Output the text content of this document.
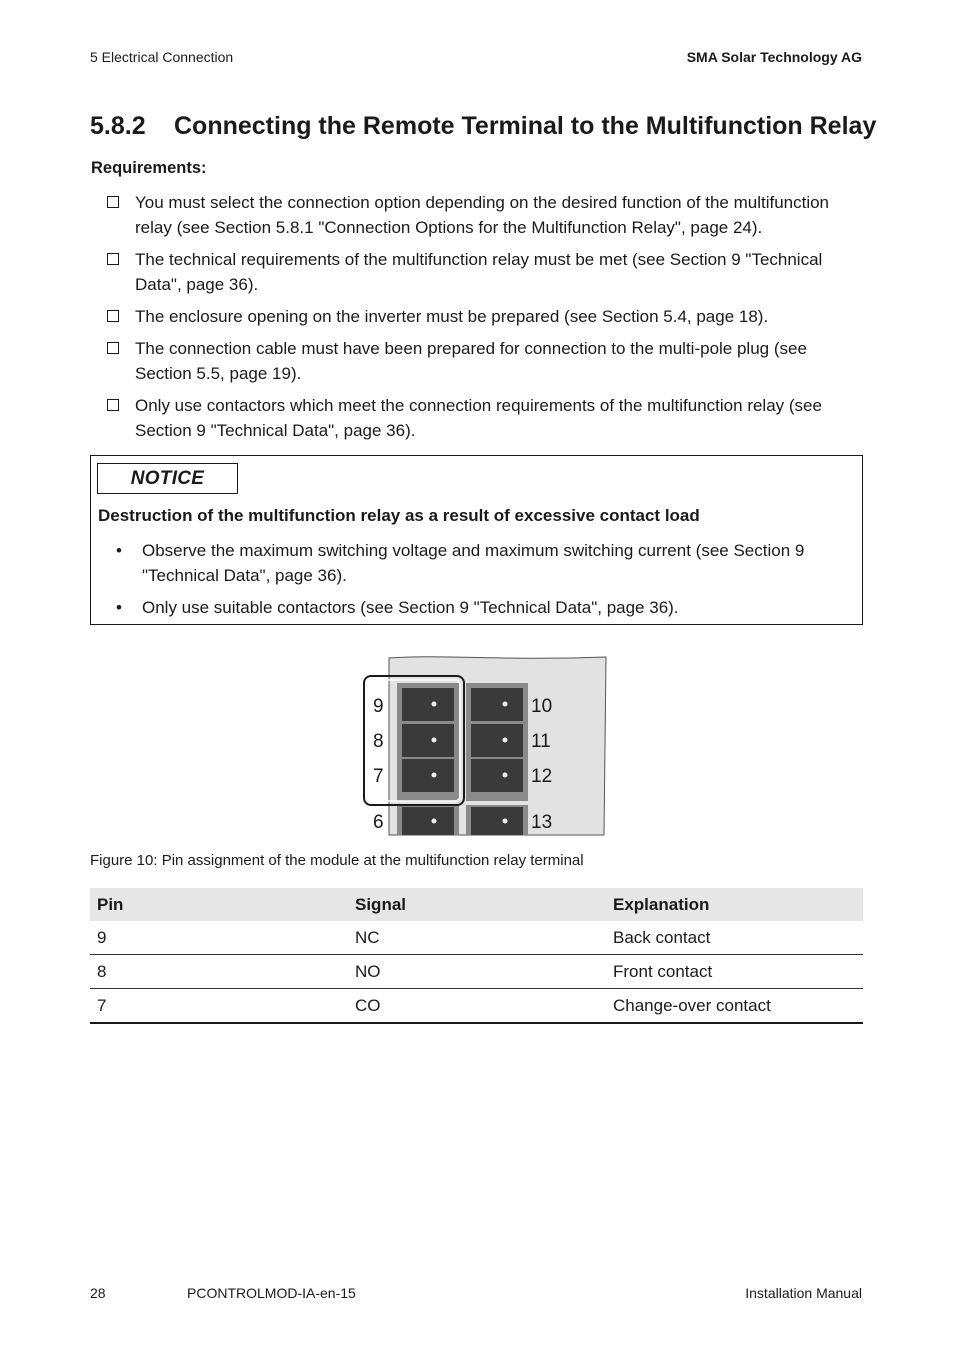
5 Electrical Connection	SMA Solar Technology AG
5.8.2 Connecting the Remote Terminal to the Multifunction Relay
Requirements:
You must select the connection option depending on the desired function of the multifunction relay (see Section 5.8.1 "Connection Options for the Multifunction Relay", page 24).
The technical requirements of the multifunction relay must be met (see Section 9 "Technical Data", page 36).
The enclosure opening on the inverter must be prepared (see Section 5.4, page 18).
The connection cable must have been prepared for connection to the multi-pole plug (see Section 5.5, page 19).
Only use contactors which meet the connection requirements of the multifunction relay (see Section 9 "Technical Data", page 36).
NOTICE
Destruction of the multifunction relay as a result of excessive contact load
• Observe the maximum switching voltage and maximum switching current (see Section 9 "Technical Data", page 36).
• Only use suitable contactors (see Section 9 "Technical Data", page 36).
9
8
7
6
10
11
12
13
Figure 10: Pin assignment of the module at the multifunction relay terminal
Pin	Signal	Explanation
9	NC	Back contact
8	NO	Front contact
7	CO	Change-over contact
28	PCONTROLMOD-IA-en-15	Installation Manual
